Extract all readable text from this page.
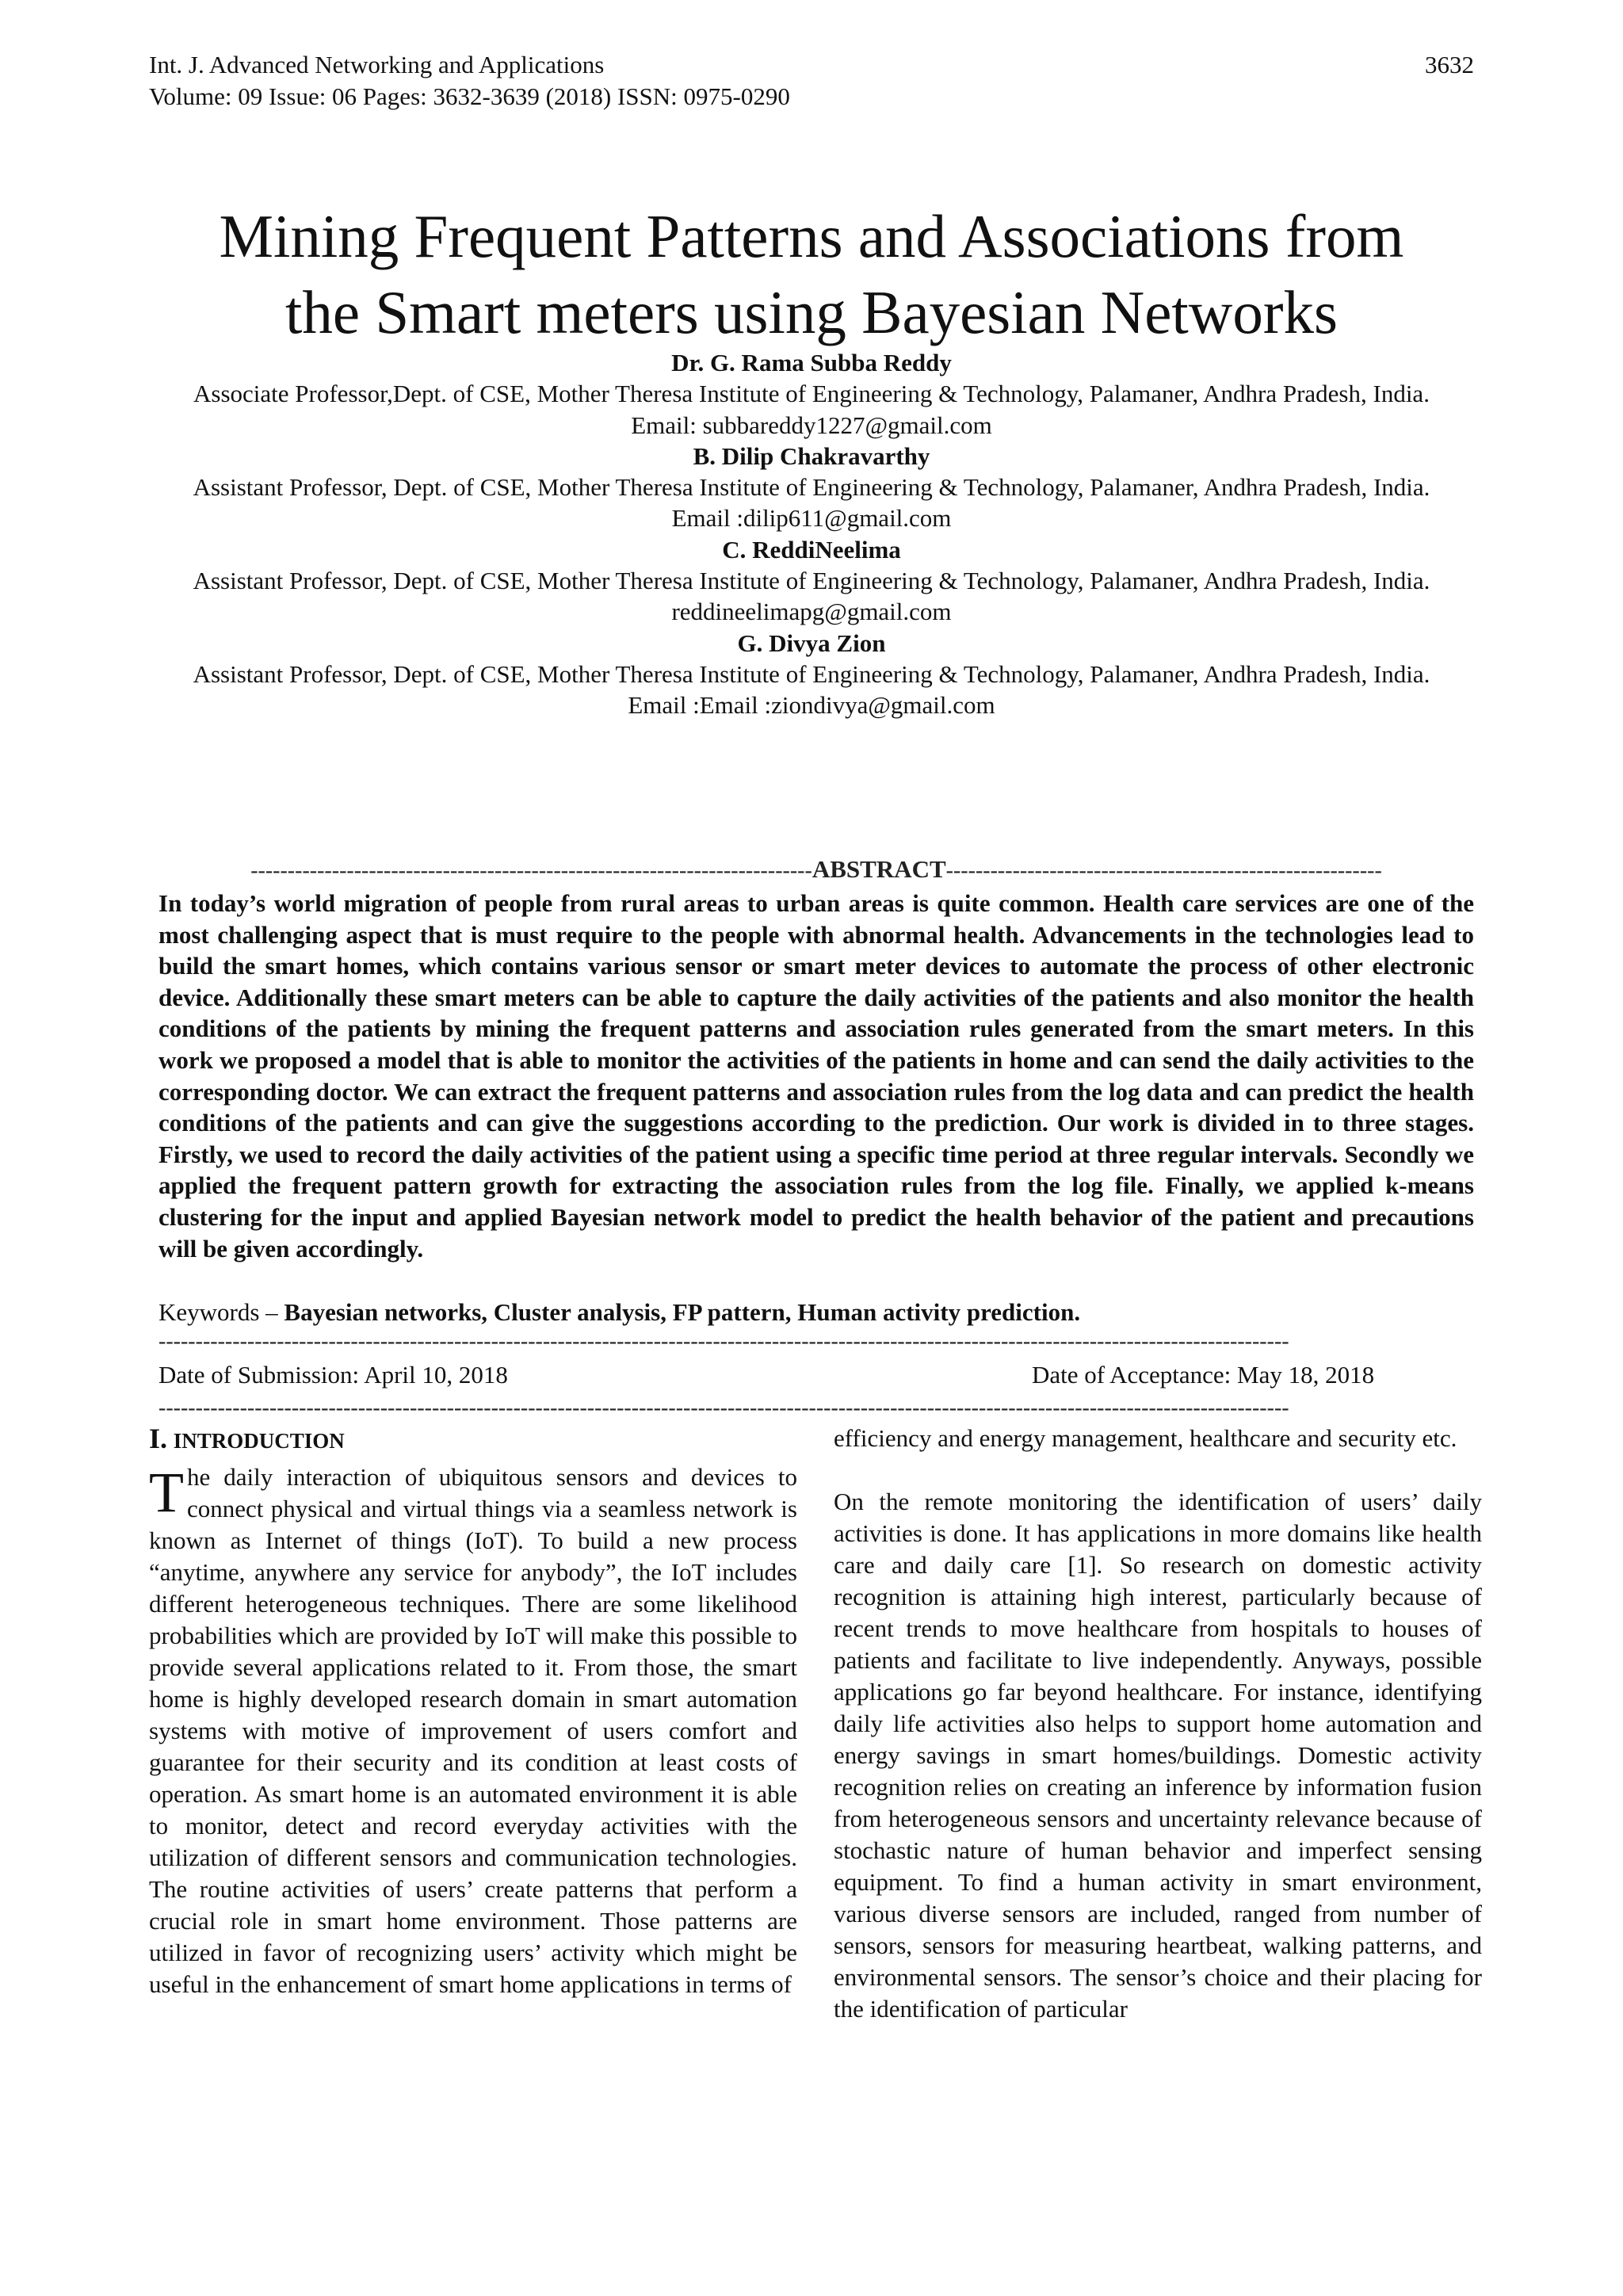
Int. J. Advanced Networking and Applications
Volume: 09 Issue: 06 Pages: 3632-3639 (2018) ISSN: 0975-0290
3632
Mining Frequent Patterns and Associations from
the Smart meters using Bayesian Networks
Dr. G. Rama Subba Reddy
Associate Professor,Dept. of CSE, Mother Theresa Institute of Engineering & Technology, Palamaner, Andhra Pradesh, India.
Email: subbareddy1227@gmail.com
B. Dilip Chakravarthy
Assistant Professor, Dept. of CSE, Mother Theresa Institute of Engineering & Technology, Palamaner, Andhra Pradesh, India.
Email :dilip611@gmail.com
C. ReddiNeelima
Assistant Professor, Dept. of CSE, Mother Theresa Institute of Engineering & Technology, Palamaner, Andhra Pradesh, India.
reddineelimapg@gmail.com
G. Divya Zion
Assistant Professor, Dept. of CSE, Mother Theresa Institute of Engineering & Technology, Palamaner, Andhra Pradesh, India.
Email :Email :ziondivya@gmail.com
----------------------------------------------------------------------------ABSTRACT-----------------------------------------------------------
In today’s world migration of people from rural areas to urban areas is quite common. Health care services are one of the most challenging aspect that is must require to the people with abnormal health. Advancements in the technologies lead to build the smart homes, which contains various sensor or smart meter devices to automate the process of other electronic device. Additionally these smart meters can be able to capture the daily activities of the patients and also monitor the health conditions of the patients by mining the frequent patterns and association rules generated from the smart meters. In this work we proposed a model that is able to monitor the activities of the patients in home and can send the daily activities to the corresponding doctor. We can extract the frequent patterns and association rules from the log data and can predict the health conditions of the patients and can give the suggestions according to the prediction. Our work is divided in to three stages. Firstly, we used to record the daily activities of the patient using a specific time period at three regular intervals. Secondly we applied the frequent pattern growth for extracting the association rules from the log file. Finally, we applied k-means clustering for the input and applied Bayesian network model to predict the health behavior of the patient and precautions will be given accordingly.
Keywords – Bayesian networks, Cluster analysis, FP pattern, Human activity prediction.
---------------------------------------------------------------------------------------------------------------------------------------------------------
Date of Submission: April 10, 2018	Date of Acceptance: May 18, 2018
---------------------------------------------------------------------------------------------------------------------------------------------------------
I. INTRODUCTION

The daily interaction of ubiquitous sensors and devices to connect physical and virtual things via a seamless network is known as Internet of things (IoT). To build a new process “anytime, anywhere any service for anybody”, the IoT includes different heterogeneous techniques. There are some likelihood probabilities which are provided by IoT will make this possible to provide several applications related to it. From those, the smart home is highly developed research domain in smart automation systems with motive of improvement of users comfort and guarantee for their security and its condition at least costs of operation. As smart home is an automated environment it is able to monitor, detect and record everyday activities with the utilization of different sensors and communication technologies. The routine activities of users’ create patterns that perform a crucial role in smart home environment. Those patterns are utilized in favor of recognizing users’ activity which might be useful in the enhancement of smart home applications in terms of

efficiency and energy management, healthcare and security etc.

On the remote monitoring the identification of users’ daily activities is done. It has applications in more domains like health care and daily care [1]. So research on domestic activity recognition is attaining high interest, particularly because of recent trends to move healthcare from hospitals to houses of patients and facilitate to live independently. Anyways, possible applications go far beyond healthcare. For instance, identifying daily life activities also helps to support home automation and energy savings in smart homes/buildings. Domestic activity recognition relies on creating an inference by information fusion from heterogeneous sensors and uncertainty relevance because of stochastic nature of human behavior and imperfect sensing equipment. To find a human activity in smart environment, various diverse sensors are included, ranged from number of sensors, sensors for measuring heartbeat, walking patterns, and environmental sensors. The sensor’s choice and their placing for the identification of particular
